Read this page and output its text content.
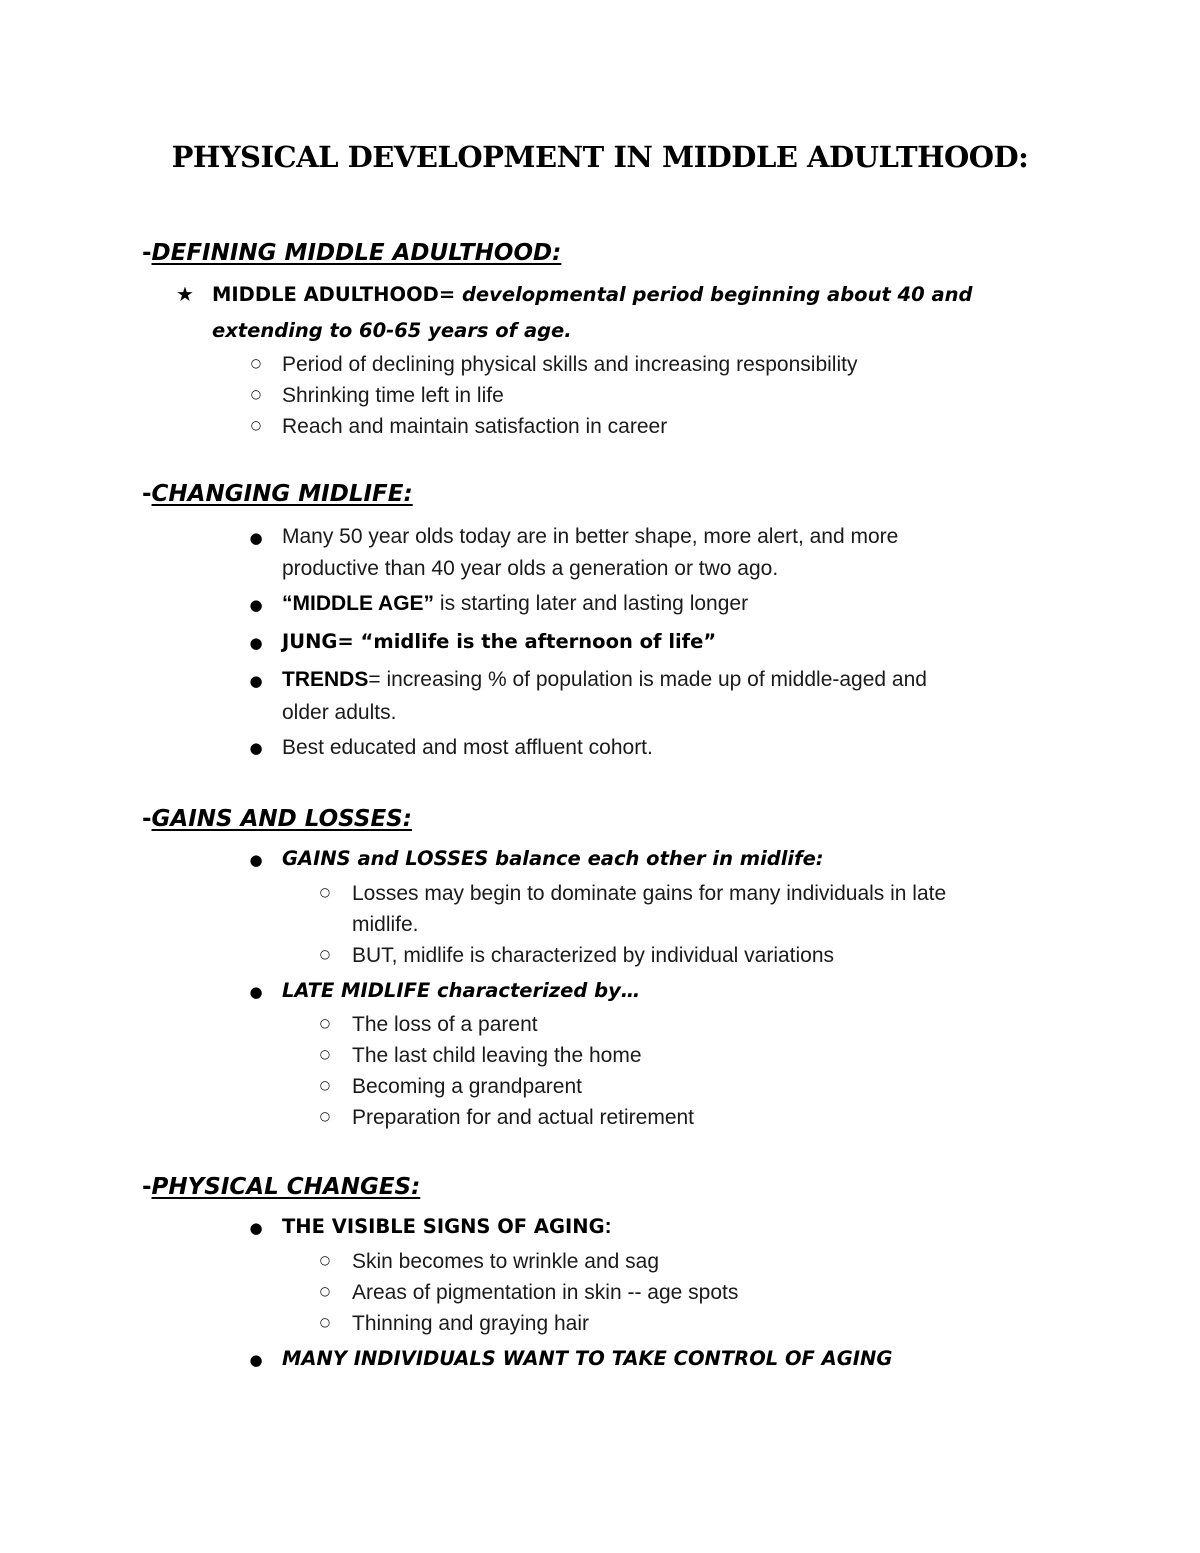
PHYSICAL DEVELOPMENT IN MIDDLE ADULTHOOD:

-DEFINING MIDDLE ADULTHOOD:

★ MIDDLE ADULTHOOD= developmental period beginning about 40 and

extending to 60-65 years of age.

○ Period of declining physical skills and increasing responsibility

○ Shrinking time left in life

○ Reach and maintain satisfaction in career

-CHANGING MIDLIFE:

● Many 50 year olds today are in better shape, more alert, and more

productive than 40 year olds a generation or two ago.

● “MIDDLE AGE” is starting later and lasting longer

● JUNG= “midlife is the afternoon of life”

● TRENDS= increasing % of population is made up of middle-aged and

older adults.

● Best educated and most affluent cohort.

-GAINS AND LOSSES:

● GAINS and LOSSES balance each other in midlife:

○ Losses may begin to dominate gains for many individuals in late

midlife.

○ BUT, midlife is characterized by individual variations

● LATE MIDLIFE characterized by…

○ The loss of a parent

○ The last child leaving the home

○ Becoming a grandparent

○ Preparation for and actual retirement

-PHYSICAL CHANGES:

● THE VISIBLE SIGNS OF AGING:

○ Skin becomes to wrinkle and sag

○ Areas of pigmentation in skin -- age spots

○ Thinning and graying hair

● MANY INDIVIDUALS WANT TO TAKE CONTROL OF AGING
